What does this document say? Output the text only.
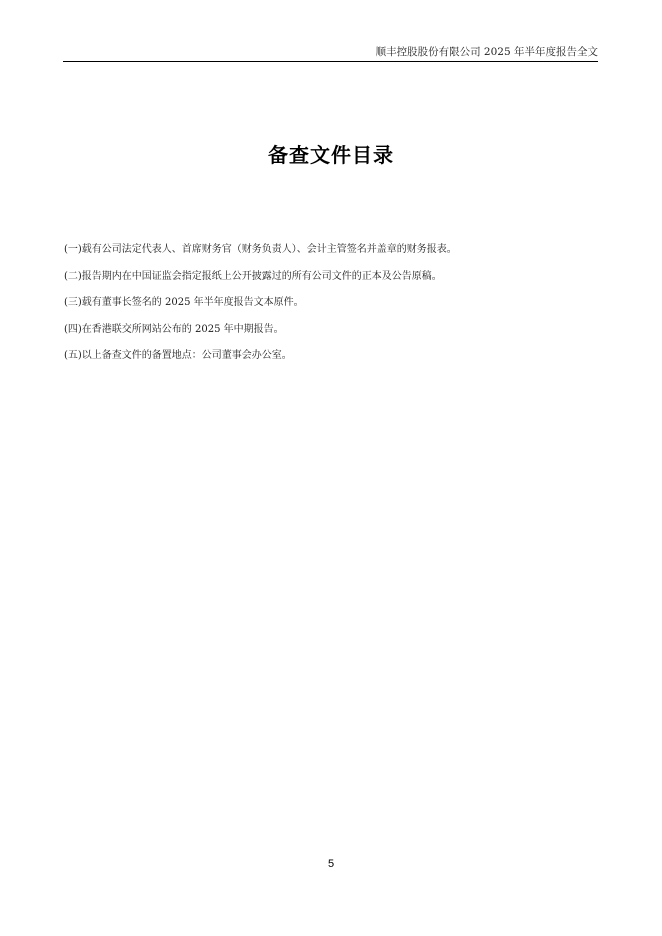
顺丰控股股份有限公司 2025 年半年度报告全文
备查文件目录
(一)载有公司法定代表人、首席财务官（财务负责人）、会计主管签名并盖章的财务报表。
(二)报告期内在中国证监会指定报纸上公开披露过的所有公司文件的正本及公告原稿。
(三)载有董事长签名的 2025 年半年度报告文本原件。
(四)在香港联交所网站公布的 2025 年中期报告。
(五)以上备查文件的备置地点：公司董事会办公室。
5
